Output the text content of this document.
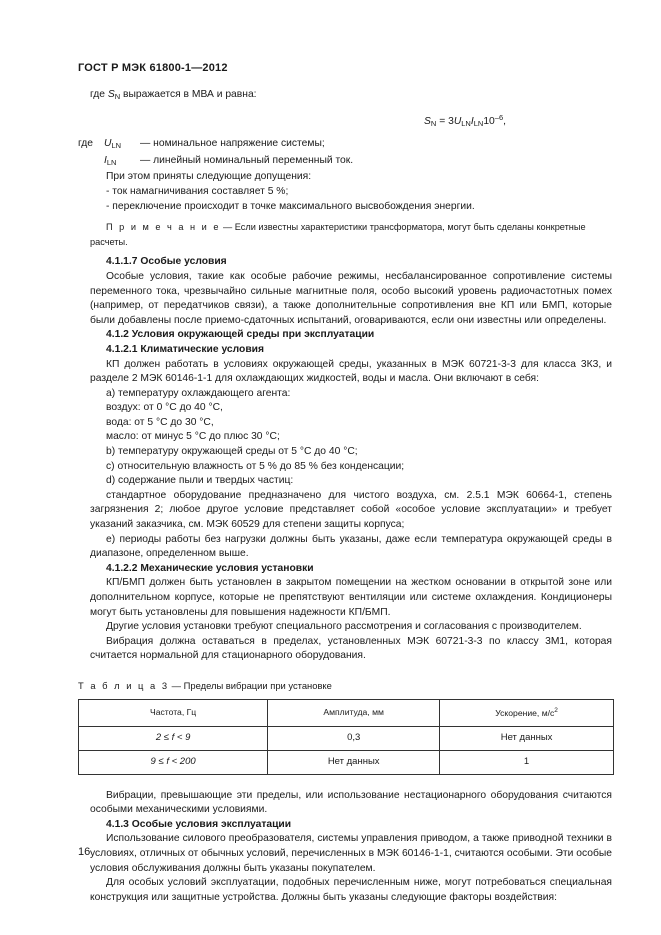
ГОСТ Р МЭК 61800-1—2012

где SN выражается в МВА и равна:

$S_N = 3U_{LN}I_{LN}10^{-6}$,

где	$U_{LN}$	— номинальное напряжение системы;
$I_{LN}$	— линейный номинальный переменный ток.

При этом приняты следующие допущения:

- ток намагничивания составляет 5 %;

- переключение происходит в точке максимального высвобождения энергии.

П р и м е ч а н и е — Если известны характеристики трансформатора, могут быть сделаны конкретные расчеты.

4.1.1.7 Особые условия

Особые условия, такие как особые рабочие режимы, несбалансированное сопротивление системы переменного тока, чрезвычайно сильные магнитные поля, особо высокий уровень радиочастотных помех (например, от передатчиков связи), а также дополнительные сопротивления вне КП или БМП, которые были добавлены после приемо-сдаточных испытаний, оговариваются, если они известны или определены.

4.1.2 Условия окружающей среды при эксплуатации

4.1.2.1 Климатические условия

КП должен работать в условиях окружающей среды, указанных в МЭК 60721-3-3 для класса 3К3, и разделе 2 МЭК 60146-1-1 для охлаждающих жидкостей, воды и масла. Они включают в себя:

a) температуру охлаждающего агента:

воздух: от 0 °С до 40 °С,

вода: от 5 °С до 30 °С,

масло: от минус 5 °С до плюс 30 °С;

b) температуру окружающей среды от 5 °С до 40 °С;

c) относительную влажность от 5 % до 85 % без конденсации;

d) содержание пыли и твердых частиц:

стандартное оборудование предназначено для чистого воздуха, см. 2.5.1 МЭК 60664-1, степень загрязнения 2; любое другое условие представляет собой «особое условие эксплуатации» и требует указаний заказчика, см. МЭК 60529 для степени защиты корпуса;

e) периоды работы без нагрузки должны быть указаны, даже если температура окружающей среды в диапазоне, определенном выше.

4.1.2.2 Механические условия установки

КП/БМП должен быть установлен в закрытом помещении на жестком основании в открытой зоне или дополнительном корпусе, которые не препятствуют вентиляции или системе охлаждения. Кондиционеры могут быть установлены для повышения надежности КП/БМП.

Другие условия установки требуют специального рассмотрения и согласования с производителем.

Вибрация должна оставаться в пределах, установленных МЭК 60721-3-3 по классу 3М1, которая считается нормальной для стационарного оборудования.

Т а б л и ц а 3 — Пределы вибрации при установке

Частота, Гц	Амплитуда, мм	Ускорение, $м/с^2$
2 ≤ f < 9	0,3	Нет данных
9 ≤ f < 200	Нет данных	1

Вибрации, превышающие эти пределы, или использование нестационарного оборудования считаются особыми механическими условиями.

4.1.3 Особые условия эксплуатации

Использование силового преобразователя, системы управления приводом, а также приводной техники в условиях, отличных от обычных условий, перечисленных в МЭК 60146-1-1, считаются особыми. Эти особые условия обслуживания должны быть указаны покупателем.

Для особых условий эксплуатации, подобных перечисленным ниже, могут потребоваться специальная конструкция или защитные устройства. Должны быть указаны следующие факторы воздействия:

16
